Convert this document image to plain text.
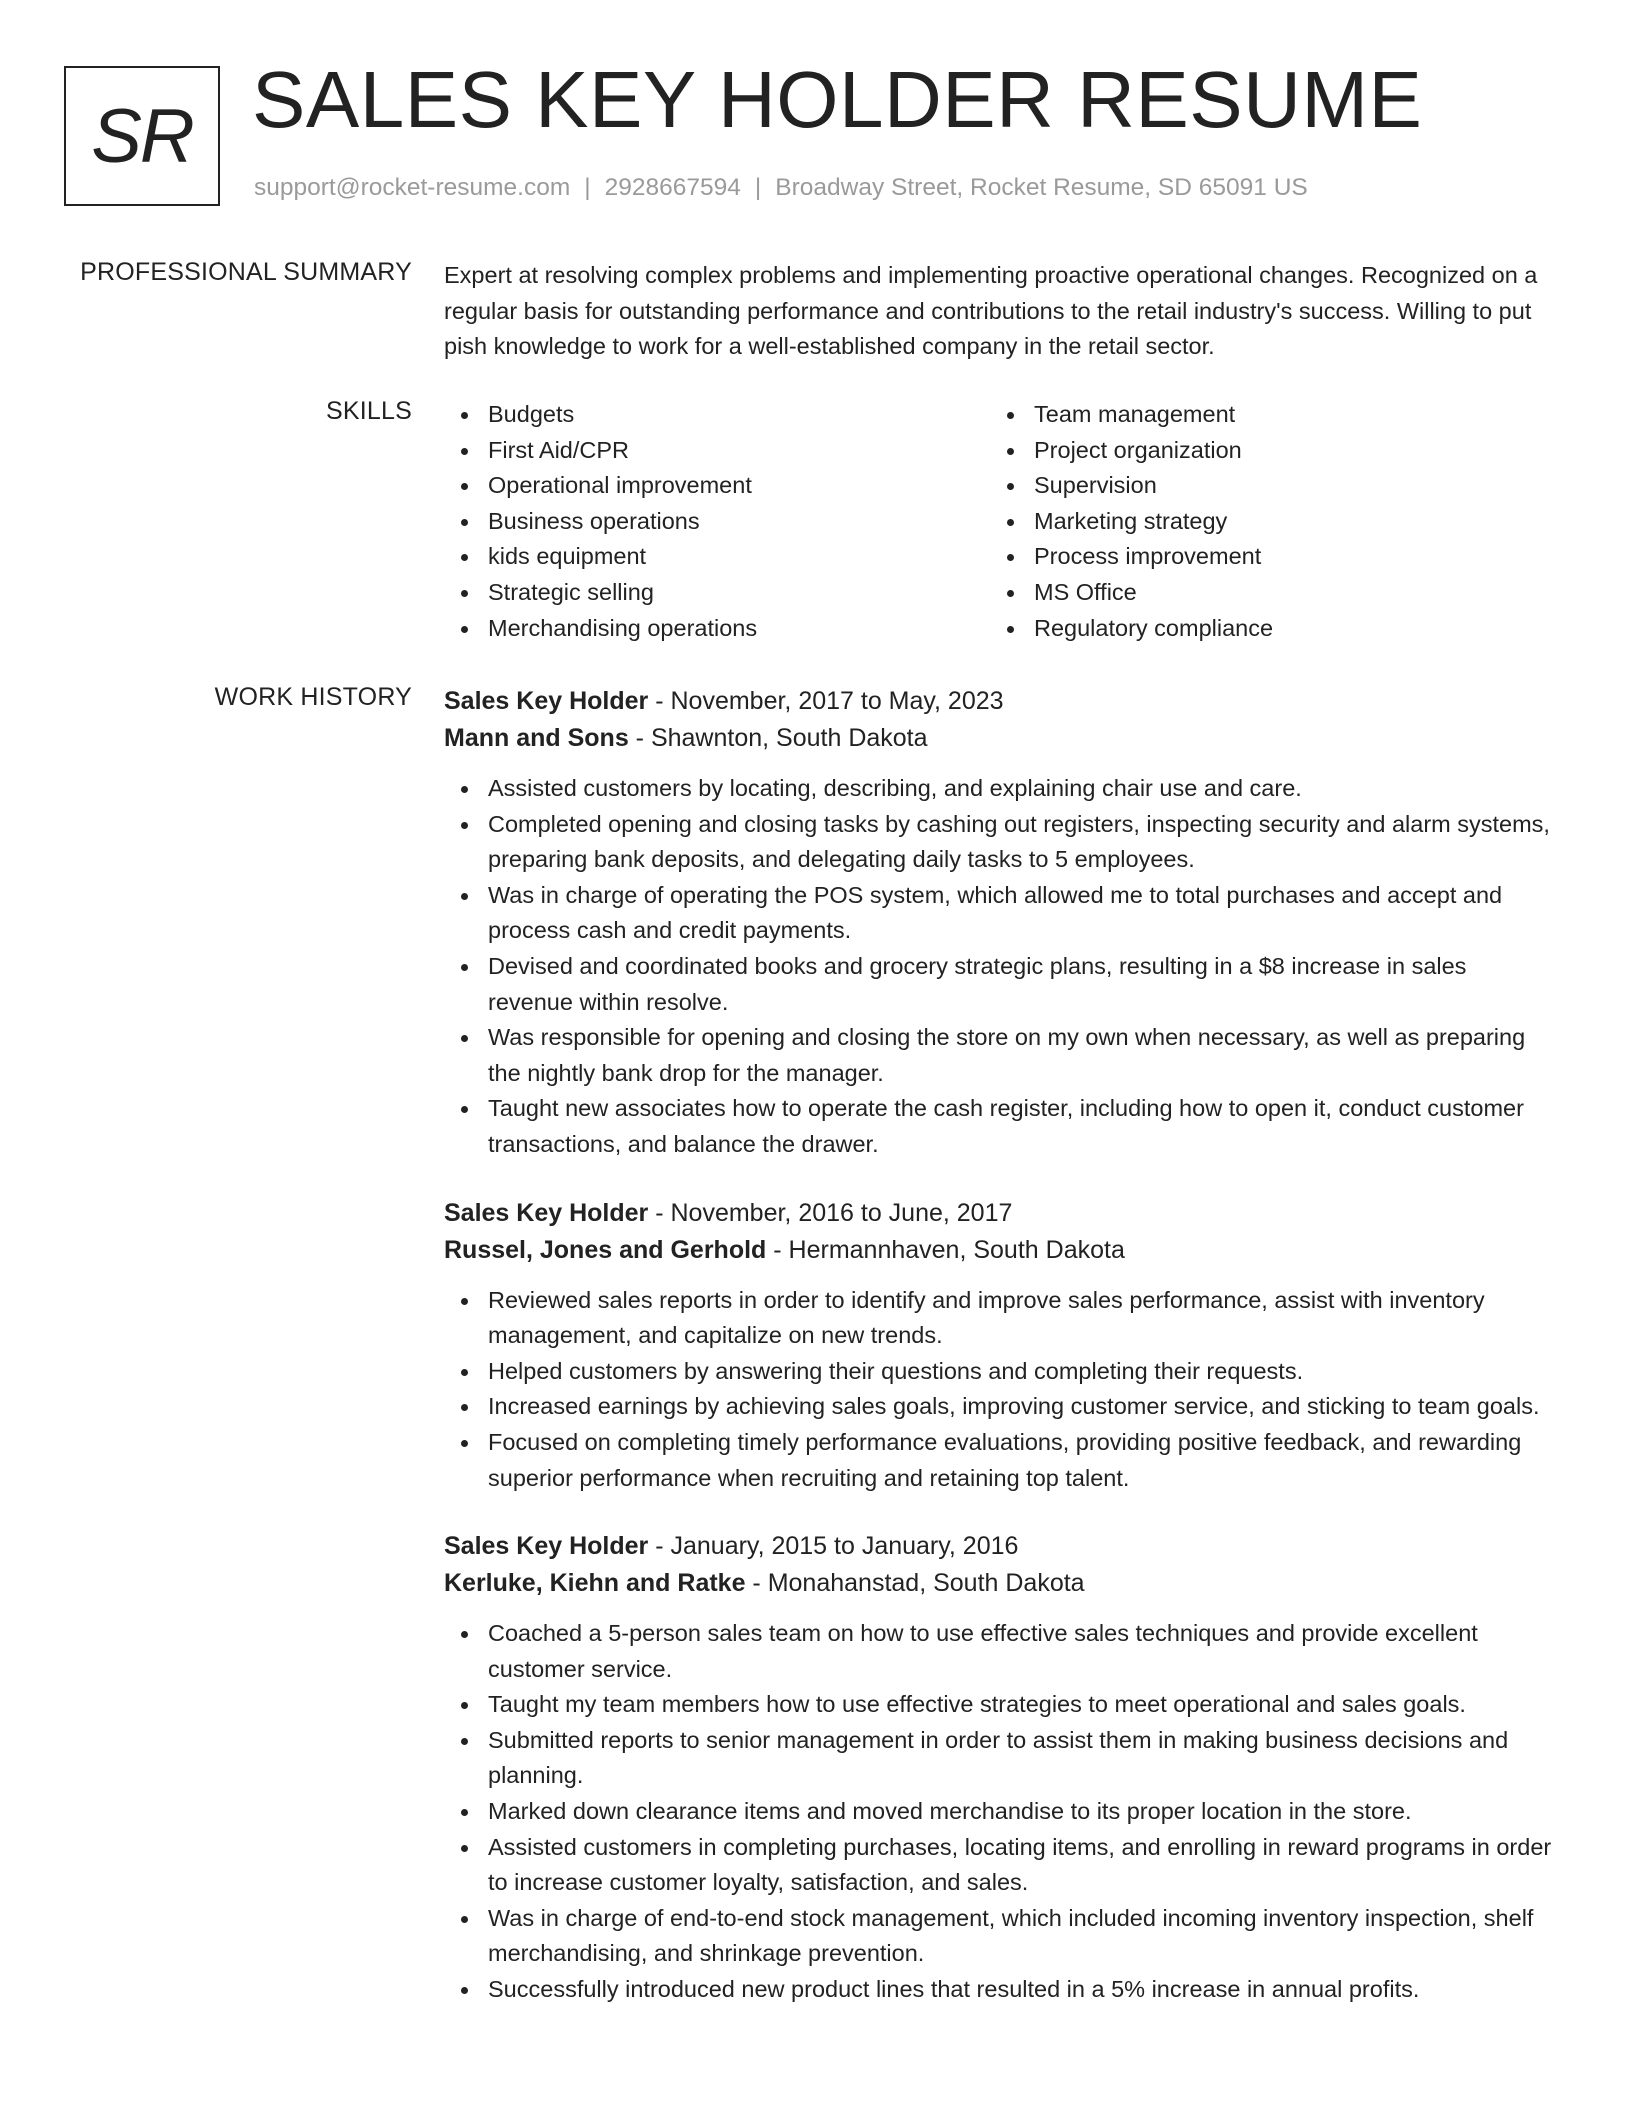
SR SALES KEY HOLDER RESUME
support@rocket-resume.com | 2928667594 | Broadway Street, Rocket Resume, SD 65091 US
PROFESSIONAL SUMMARY Expert at resolving complex problems and implementing proactive operational changes. Recognized on a regular basis for outstanding performance and contributions to the retail industry's success. Willing to put pish knowledge to work for a well-established company in the retail sector.

SKILLS	Budgets
First Aid/CPR
Operational improvement
Business operations
kids equipment
Strategic selling
Merchandising operations
Team management
Project organization
Supervision
Marketing strategy
Process improvement
MS Office
Regulatory compliance
WORK HISTORY Sales Key Holder - November, 2017 to May, 2023
Mann and Sons - Shawnton, South Dakota
Assisted customers by locating, describing, and explaining chair use and care.
Completed opening and closing tasks by cashing out registers, inspecting security and alarm systems, preparing bank deposits, and delegating daily tasks to 5 employees.
Was in charge of operating the POS system, which allowed me to total purchases and accept and process cash and credit payments.
Devised and coordinated books and grocery strategic plans, resulting in a $8 increase in sales revenue within resolve.
Was responsible for opening and closing the store on my own when necessary, as well as preparing the nightly bank drop for the manager.
Taught new associates how to operate the cash register, including how to open it, conduct customer transactions, and balance the drawer.
Sales Key Holder - November, 2016 to June, 2017
Russel, Jones and Gerhold - Hermannhaven, South Dakota
Reviewed sales reports in order to identify and improve sales performance, assist with inventory management, and capitalize on new trends.
Helped customers by answering their questions and completing their requests.
Increased earnings by achieving sales goals, improving customer service, and sticking to team goals.
Focused on completing timely performance evaluations, providing positive feedback, and rewarding superior performance when recruiting and retaining top talent.
Sales Key Holder - January, 2015 to January, 2016
Kerluke, Kiehn and Ratke - Monahanstad, South Dakota
Coached a 5-person sales team on how to use effective sales techniques and provide excellent customer service.
Taught my team members how to use effective strategies to meet operational and sales goals.
Submitted reports to senior management in order to assist them in making business decisions and planning.
Marked down clearance items and moved merchandise to its proper location in the store.
Assisted customers in completing purchases, locating items, and enrolling in reward programs in order to increase customer loyalty, satisfaction, and sales.
Was in charge of end-to-end stock management, which included incoming inventory inspection, shelf merchandising, and shrinkage prevention.
Successfully introduced new product lines that resulted in a 5% increase in annual profits.
